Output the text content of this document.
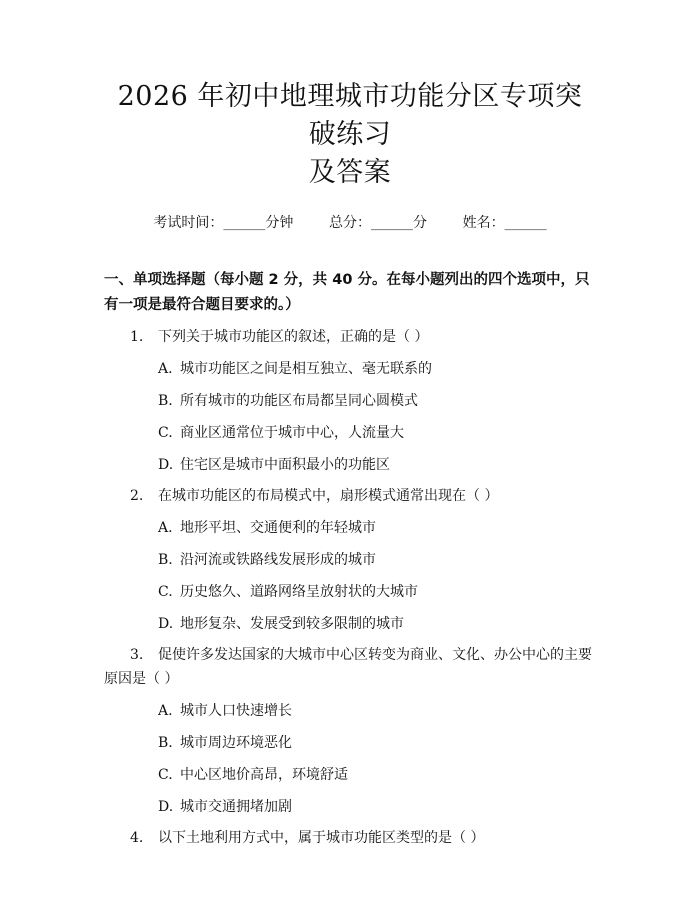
2026 年初中地理城市功能分区专项突破练习
及答案
考试时间：______分钟	总分：______分	姓名：______
一、单项选择题（每小题 2 分，共 40 分。在每小题列出的四个选项中，只有一项是最符合题目要求的。）
1. 下列关于城市功能区的叙述，正确的是（ ）
A. 城市功能区之间是相互独立、毫无联系的
B. 所有城市的功能区布局都呈同心圆模式
C. 商业区通常位于城市中心，人流量大
D. 住宅区是城市中面积最小的功能区
2. 在城市功能区的布局模式中，扇形模式通常出现在（ ）
A. 地形平坦、交通便利的年轻城市
B. 沿河流或铁路线发展形成的城市
C. 历史悠久、道路网络呈放射状的大城市
D. 地形复杂、发展受到较多限制的城市
3. 促使许多发达国家的大城市中心区转变为商业、文化、办公中心的主要原因是（ ）
A. 城市人口快速增长
B. 城市周边环境恶化
C. 中心区地价高昂，环境舒适
D. 城市交通拥堵加剧
4. 以下土地利用方式中，属于城市功能区类型的是（ ）
